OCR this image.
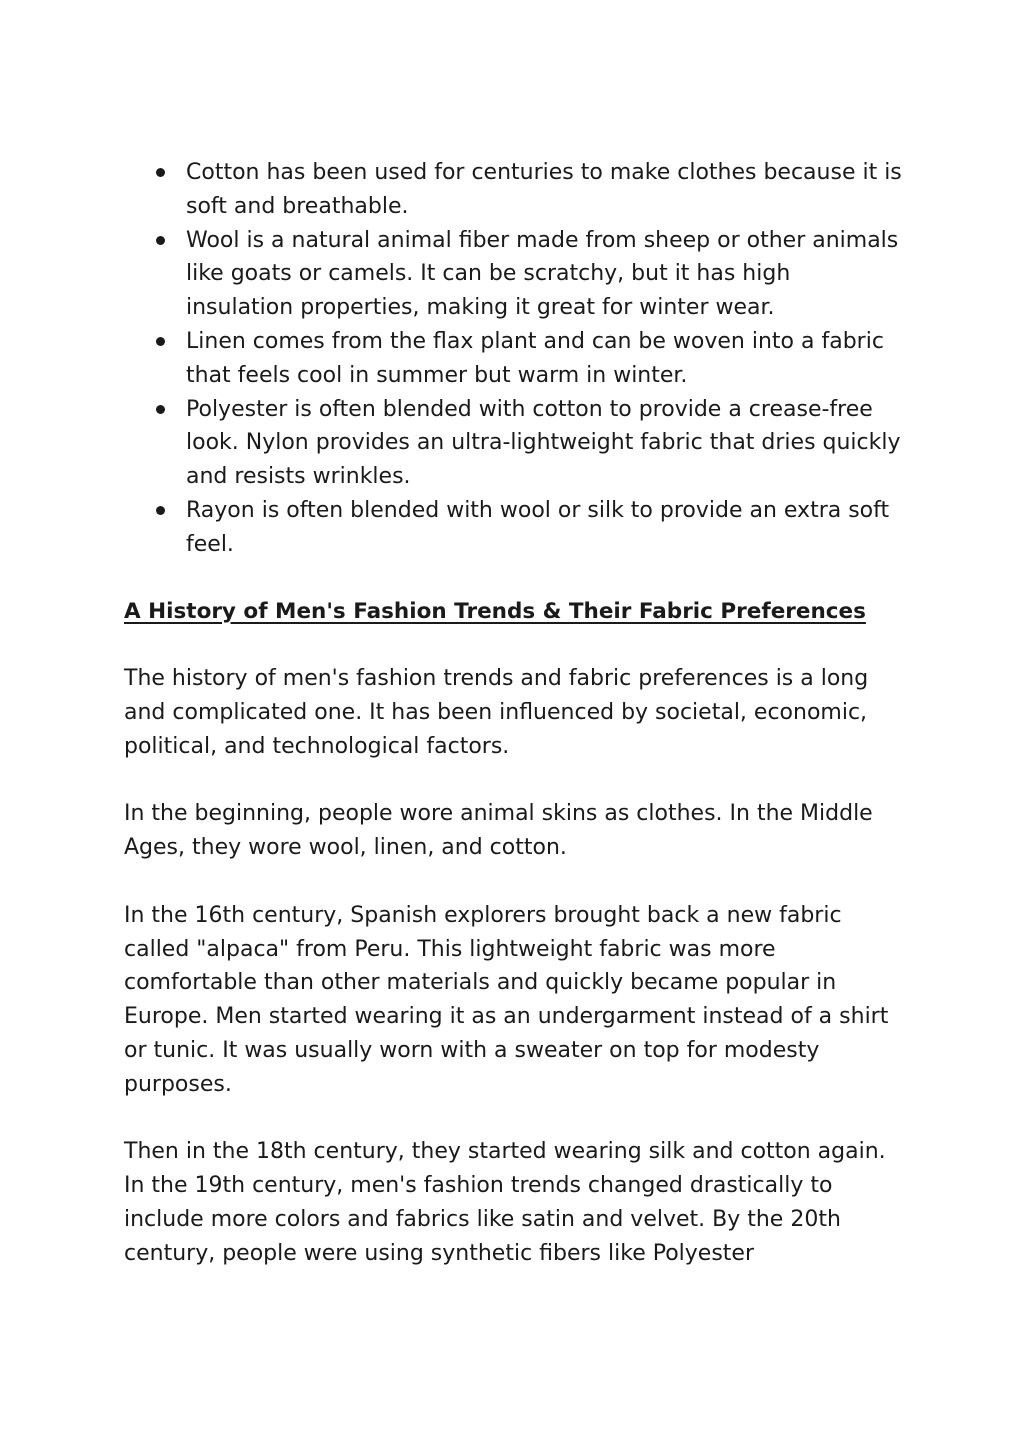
Cotton has been used for centuries to make clothes because it is soft and breathable.
Wool is a natural animal fiber made from sheep or other animals like goats or camels. It can be scratchy, but it has high insulation properties, making it great for winter wear.
Linen comes from the flax plant and can be woven into a fabric that feels cool in summer but warm in winter.
Polyester is often blended with cotton to provide a crease-free look. Nylon provides an ultra-lightweight fabric that dries quickly and resists wrinkles.
Rayon is often blended with wool or silk to provide an extra soft feel.
A History of Men's Fashion Trends & Their Fabric Preferences

The history of men's fashion trends and fabric preferences is a long and complicated one. It has been influenced by societal, economic, political, and technological factors.

In the beginning, people wore animal skins as clothes. In the Middle Ages, they wore wool, linen, and cotton.

In the 16th century, Spanish explorers brought back a new fabric called "alpaca" from Peru. This lightweight fabric was more comfortable than other materials and quickly became popular in Europe. Men started wearing it as an undergarment instead of a shirt or tunic. It was usually worn with a sweater on top for modesty purposes.

Then in the 18th century, they started wearing silk and cotton again.

In the 19th century, men's fashion trends changed drastically to include more colors and fabrics like satin and velvet. By the 20th century, people were using synthetic fibers like Polyester
